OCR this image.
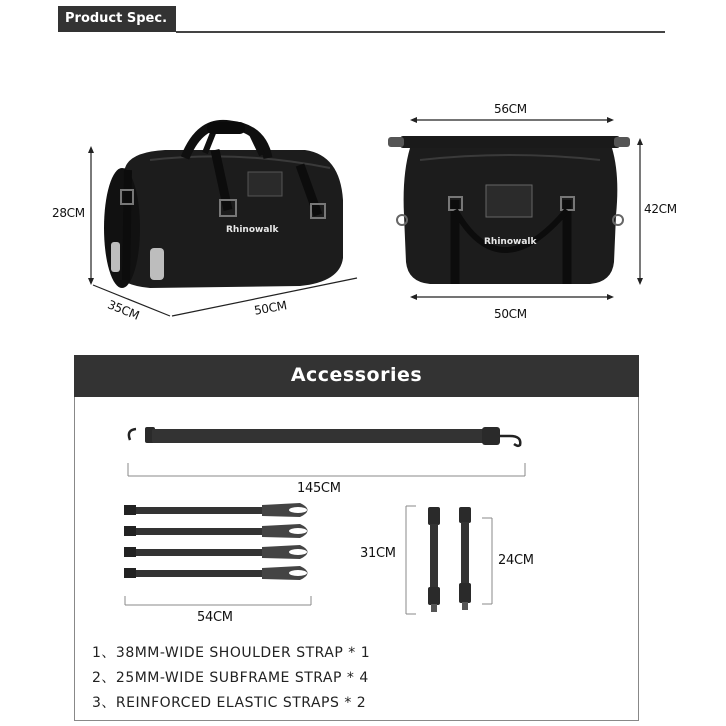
Product Spec.
Rhinowalk
Rhinowalk
28CM
35CM	50CM
56CM
42CM
50CM
Accessories
145CM
54CM
31CM	24CM
1、38MM-WIDE SHOULDER STRAP * 1
2、25MM-WIDE SUBFRAME STRAP * 4
3、REINFORCED ELASTIC STRAPS * 2
